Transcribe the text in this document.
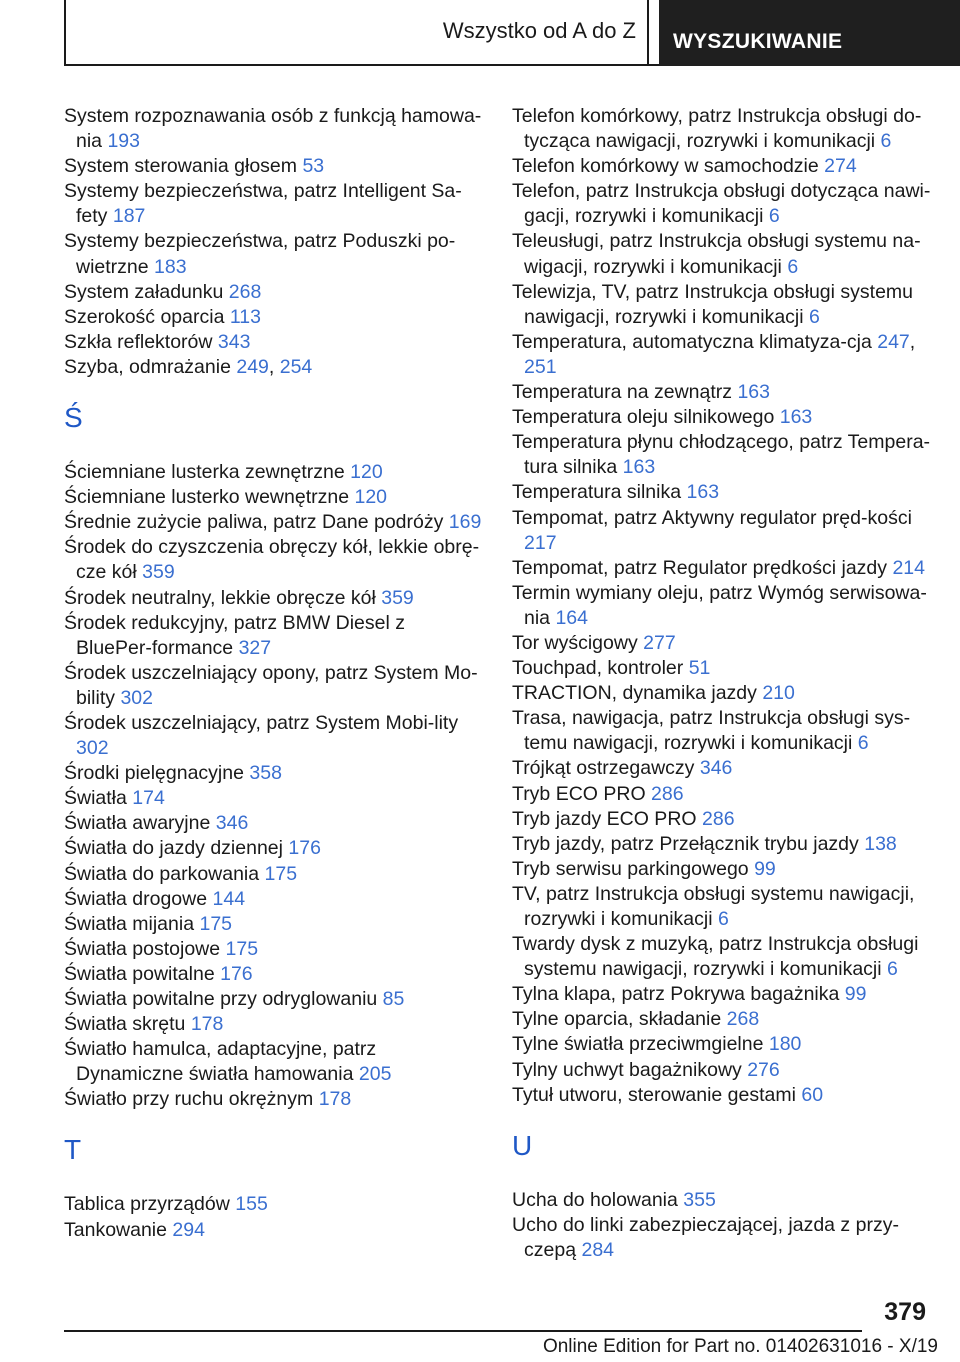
Wszystko od A do Z	WYSZUKIWANIE
System rozpoznawania osób z funkcją hamowa-nia 193
System sterowania głosem 53
Systemy bezpieczeństwa, patrz Intelligent Sa-fety 187
Systemy bezpieczeństwa, patrz Poduszki po-wietrzne 183
System załadunku 268
Szerokość oparcia 113
Szkła reflektorów 343
Szyba, odmrażanie 249, 254
Ś
Ściemniane lusterka zewnętrzne 120
Ściemniane lusterko wewnętrzne 120
Średnie zużycie paliwa, patrz Dane podróży 169
Środek do czyszczenia obręczy kół, lekkie obrę-cze kół 359
Środek neutralny, lekkie obręcze kół 359
Środek redukcyjny, patrz BMW Diesel z BluePer-formance 327
Środek uszczelniający opony, patrz System Mo-bility 302
Środek uszczelniający, patrz System Mobi-lity 302
Środki pielęgnacyjne 358
Światła 174
Światła awaryjne 346
Światła do jazdy dziennej 176
Światła do parkowania 175
Światła drogowe 144
Światła mijania 175
Światła postojowe 175
Światła powitalne 176
Światła powitalne przy odryglowaniu 85
Światła skrętu 178
Światło hamulca, adaptacyjne, patrz Dynamiczne światła hamowania 205
Światło przy ruchu okrężnym 178
T
Tablica przyrządów 155
Tankowanie 294
Telefon komórkowy, patrz Instrukcja obsługi do-tycząca nawigacji, rozrywki i komunikacji 6
Telefon komórkowy w samochodzie 274
Telefon, patrz Instrukcja obsługi dotycząca nawi-gacji, rozrywki i komunikacji 6
Teleusługi, patrz Instrukcja obsługi systemu na-wigacji, rozrywki i komunikacji 6
Telewizja, TV, patrz Instrukcja obsługi systemu nawigacji, rozrywki i komunikacji 6
Temperatura, automatyczna klimatyza-cja 247, 251
Temperatura na zewnątrz 163
Temperatura oleju silnikowego 163
Temperatura płynu chłodzącego, patrz Tempera-tura silnika 163
Temperatura silnika 163
Tempomat, patrz Aktywny regulator pręd-kości 217
Tempomat, patrz Regulator prędkości jazdy 214
Termin wymiany oleju, patrz Wymóg serwisowa-nia 164
Tor wyścigowy 277
Touchpad, kontroler 51
TRACTION, dynamika jazdy 210
Trasa, nawigacja, patrz Instrukcja obsługi sys-temu nawigacji, rozrywki i komunikacji 6
Trójkąt ostrzegawczy 346
Tryb ECO PRO 286
Tryb jazdy ECO PRO 286
Tryb jazdy, patrz Przełącznik trybu jazdy 138
Tryb serwisu parkingowego 99
TV, patrz Instrukcja obsługi systemu nawigacji, rozrywki i komunikacji 6
Twardy dysk z muzyką, patrz Instrukcja obsługi systemu nawigacji, rozrywki i komunikacji 6
Tylna klapa, patrz Pokrywa bagażnika 99
Tylne oparcia, składanie 268
Tylne światła przeciwmgielne 180
Tylny uchwyt bagażnikowy 276
Tytuł utworu, sterowanie gestami 60
U
Ucha do holowania 355
Ucho do linki zabezpieczającej, jazda z przy-czepą 284
379
Online Edition for Part no. 01402631016 - X/19
